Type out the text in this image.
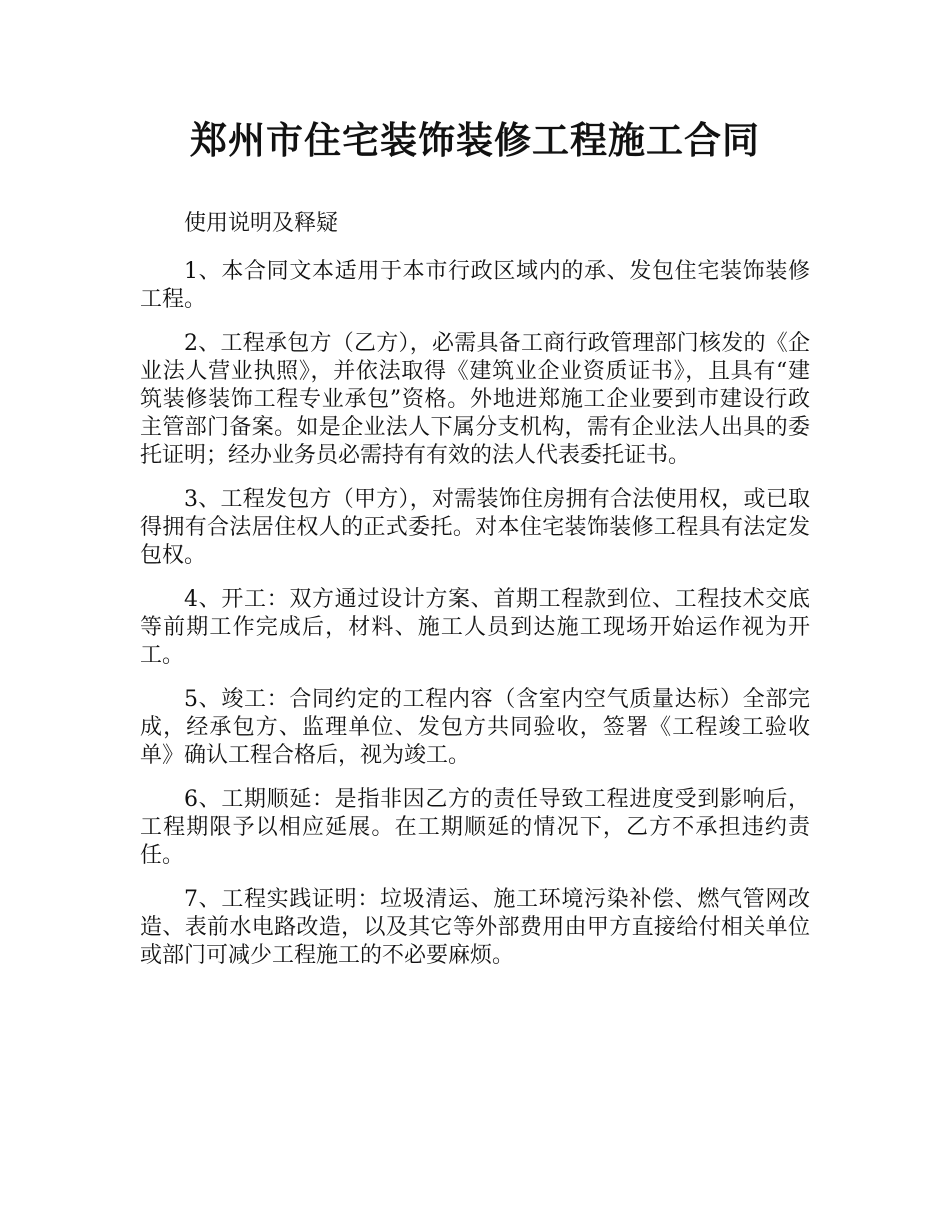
郑州市住宅装饰装修工程施工合同

使用说明及释疑

1、本合同文本适用于本市行政区域内的承、发包住宅装饰装修工程。

2、工程承包方（乙方），必需具备工商行政管理部门核发的《企业法人营业执照》，并依法取得《建筑业企业资质证书》，且具有“建筑装修装饰工程专业承包”资格。外地进郑施工企业要到市建设行政主管部门备案。如是企业法人下属分支机构，需有企业法人出具的委托证明；经办业务员必需持有有效的法人代表委托证书。

3、工程发包方（甲方），对需装饰住房拥有合法使用权，或已取得拥有合法居住权人的正式委托。对本住宅装饰装修工程具有法定发包权。

4、开工：双方通过设计方案、首期工程款到位、工程技术交底等前期工作完成后，材料、施工人员到达施工现场开始运作视为开工。

5、竣工：合同约定的工程内容（含室内空气质量达标）全部完成，经承包方、监理单位、发包方共同验收，签署《工程竣工验收单》确认工程合格后，视为竣工。

6、工期顺延：是指非因乙方的责任导致工程进度受到影响后，工程期限予以相应延展。在工期顺延的情况下，乙方不承担违约责任。

7、工程实践证明：垃圾清运、施工环境污染补偿、燃气管网改造、表前水电路改造，以及其它等外部费用由甲方直接给付相关单位或部门可减少工程施工的不必要麻烦。
